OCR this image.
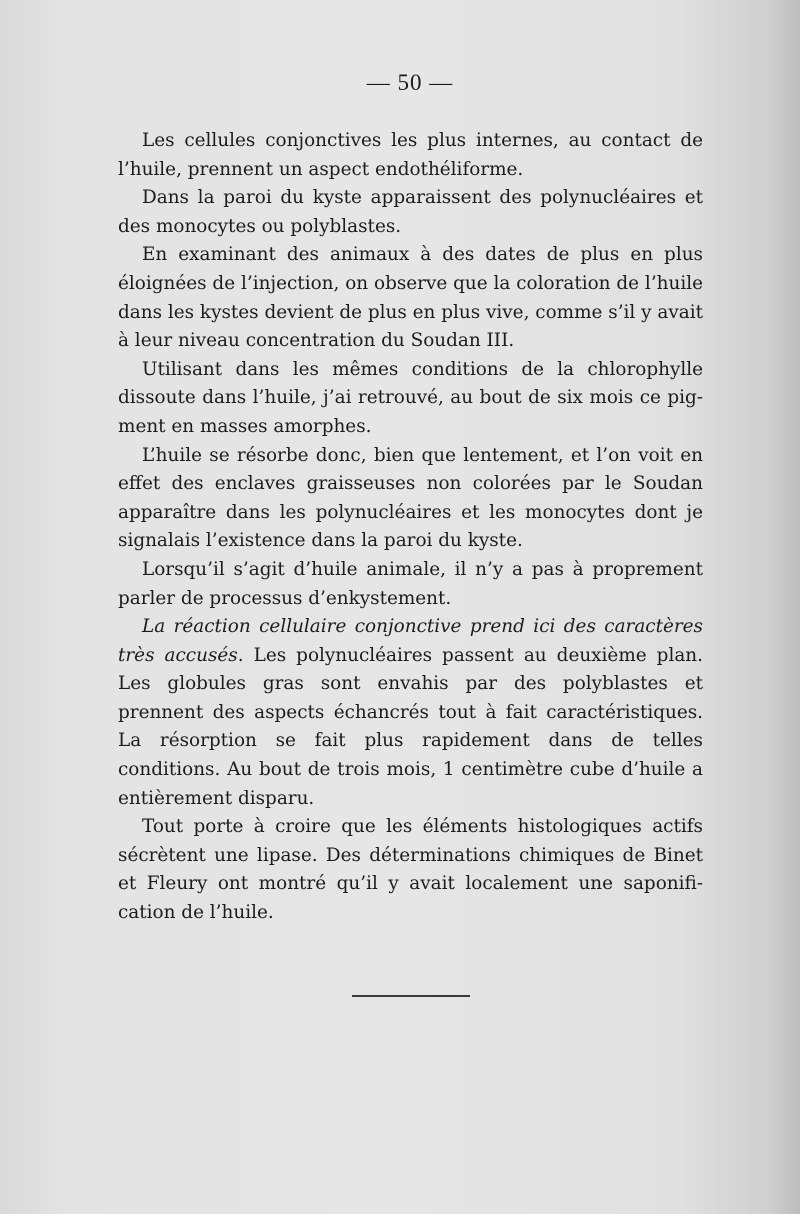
— 50 —

Les cellules conjonctives les plus internes, au contact de l’huile, prennent un aspect endothéliforme.

Dans la paroi du kyste apparaissent des polynucléaires et des monocytes ou polyblastes.

En examinant des animaux à des dates de plus en plus éloignées de l’injection, on observe que la coloration de l’huile dans les kystes devient de plus en plus vive, comme s’il y avait à leur niveau concentration du Soudan III.

Utilisant dans les mêmes conditions de la chlorophylle dissoute dans l’huile, j’ai retrouvé, au bout de six mois ce pigment en masses amorphes.

L’huile se résorbe donc, bien que lentement, et l’on voit en effet des enclaves graisseuses non colorées par le Soudan apparaître dans les polynucléaires et les monocytes dont je signalais l’existence dans la paroi du kyste.

Lorsqu’il s’agit d’huile animale, il n’y a pas à proprement parler de processus d’enkystement.

La réaction cellulaire conjonctive prend ici des caractères très accusés. Les polynucléaires passent au deuxième plan. Les globules gras sont envahis par des polyblastes et prennent des aspects échancrés tout à fait caractéristiques. La résorption se fait plus rapidement dans de telles conditions. Au bout de trois mois, 1 centimètre cube d’huile a entièrement disparu.

Tout porte à croire que les éléments histologiques actifs sécrètent une lipase. Des déterminations chimiques de Binet et Fleury ont montré qu’il y avait localement une saponification de l’huile.
